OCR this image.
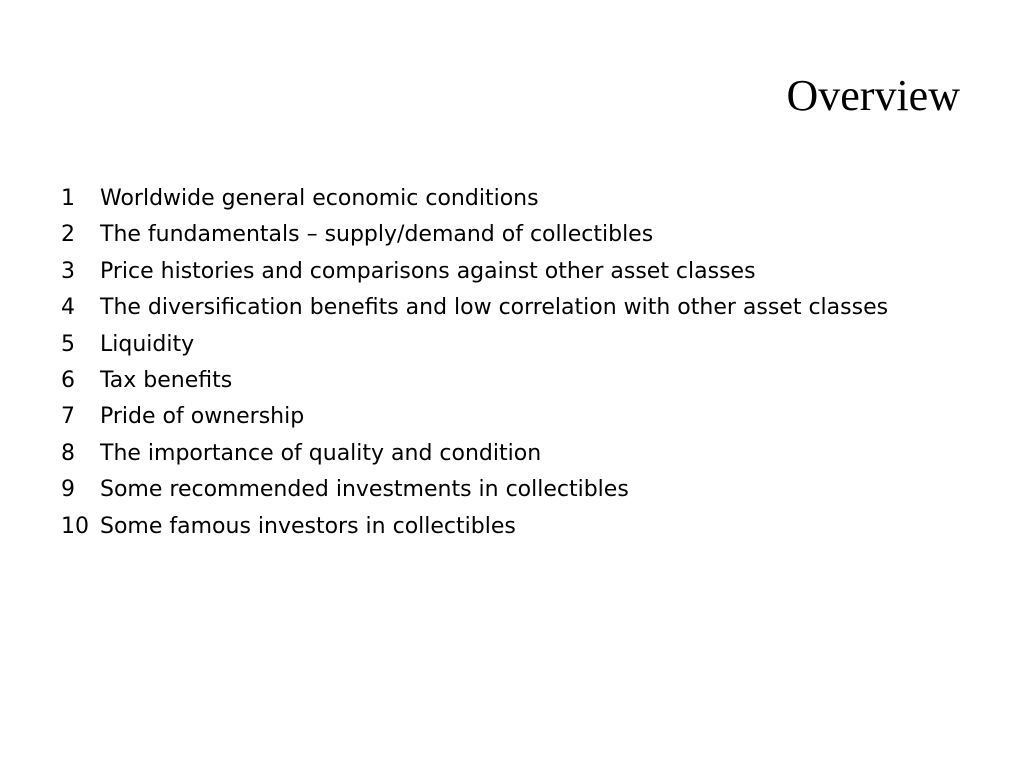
Overview
1	Worldwide general economic conditions
2	The fundamentals – supply/demand of collectibles
3	Price histories and comparisons against other asset classes
4	The diversification benefits and low correlation with other asset classes
5	Liquidity
6	Tax benefits
7	Pride of ownership
8	The importance of quality and condition
9	Some recommended investments in collectibles
10 Some famous investors in collectibles
